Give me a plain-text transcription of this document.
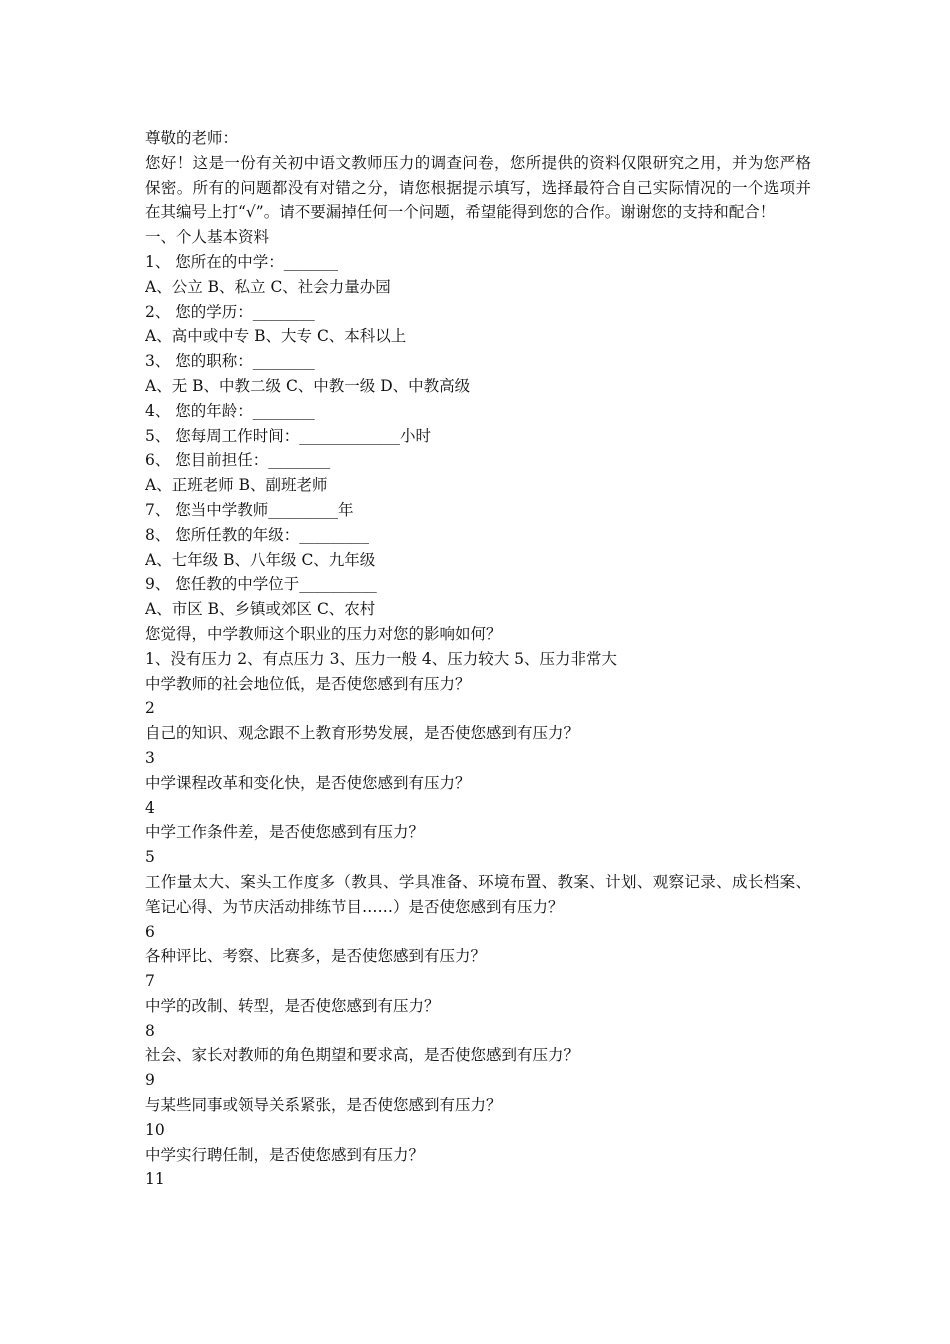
尊敬的老师：
您好！这是一份有关初中语文教师压力的调查问卷，您所提供的资料仅限研究之用，并为您严格保密。所有的问题都没有对错之分，请您根据提示填写，选择最符合自己实际情况的一个选项并在其编号上打“√”。请不要漏掉任何一个问题，希望能得到您的合作。谢谢您的支持和配合！
一、个人基本资料
1、 您所在的中学：_______
A、公立 B、私立 C、社会力量办园
2、 您的学历：________
A、高中或中专 B、大专 C、本科以上
3、 您的职称：________
A、无 B、中教二级 C、中教一级 D、中教高级
4、 您的年龄：________
5、 您每周工作时间：_____________小时
6、 您目前担任：________
A、正班老师 B、副班老师
7、 您当中学教师_________年
8、 您所任教的年级：_________
A、七年级 B、八年级 C、九年级
9、 您任教的中学位于__________
A、市区 B、乡镇或郊区 C、农村
您觉得，中学教师这个职业的压力对您的影响如何？
1、没有压力 2、有点压力 3、压力一般 4、压力较大 5、压力非常大
中学教师的社会地位低，是否使您感到有压力？
2
自己的知识、观念跟不上教育形势发展，是否使您感到有压力？
3
中学课程改革和变化快，是否使您感到有压力？
4
中学工作条件差，是否使您感到有压力？
5
工作量太大、案头工作度多（教具、学具准备、环境布置、教案、计划、观察记录、成长档案、笔记心得、为节庆活动排练节目……）是否使您感到有压力？
6
各种评比、考察、比赛多，是否使您感到有压力？
7
中学的改制、转型，是否使您感到有压力？
8
社会、家长对教师的角色期望和要求高，是否使您感到有压力？
9
与某些同事或领导关系紧张，是否使您感到有压力？
10
中学实行聘任制，是否使您感到有压力？
11
